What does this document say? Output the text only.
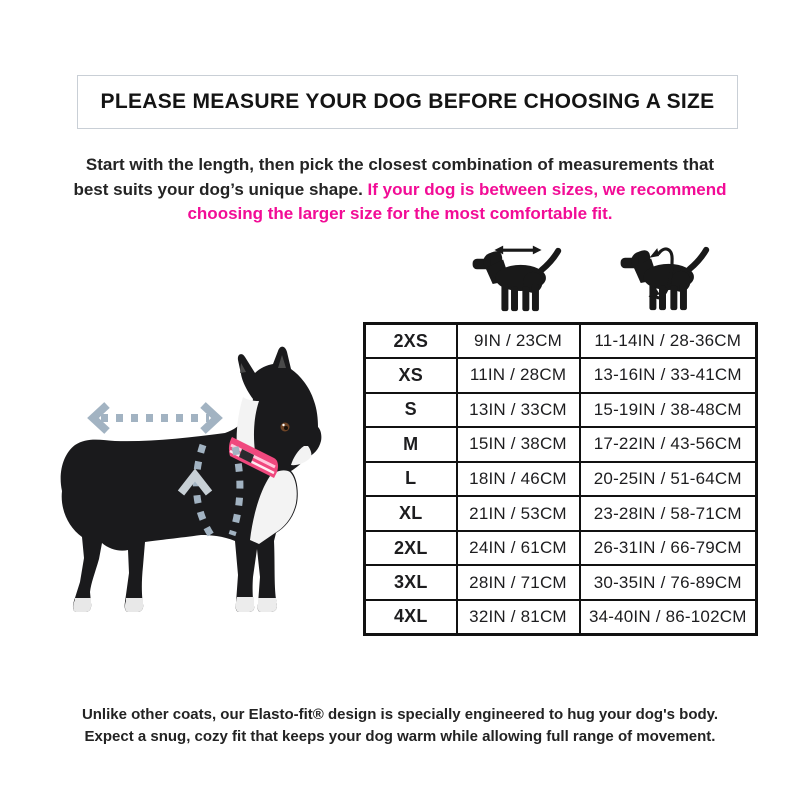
PLEASE MEASURE YOUR DOG BEFORE CHOOSING A SIZE

Start with the length, then pick the closest combination of measurements that best suits your dog’s unique shape. If your dog is between sizes, we recommend choosing the larger size for the most comfortable fit.

2XS	9IN / 23CM	11-14IN / 28-36CM
XS	11IN / 28CM	13-16IN / 33-41CM
S	13IN / 33CM	15-19IN / 38-48CM
M	15IN / 38CM	17-22IN / 43-56CM
L	18IN / 46CM	20-25IN / 51-64CM
XL	21IN / 53CM	23-28IN / 58-71CM
2XL	24IN / 61CM	26-31IN / 66-79CM
3XL	28IN / 71CM	30-35IN / 76-89CM
4XL	32IN / 81CM	34-40IN / 86-102CM
Unlike other coats, our Elasto-fit® design is specially engineered to hug your dog's body.
Expect a snug, cozy fit that keeps your dog warm while allowing full range of movement.
